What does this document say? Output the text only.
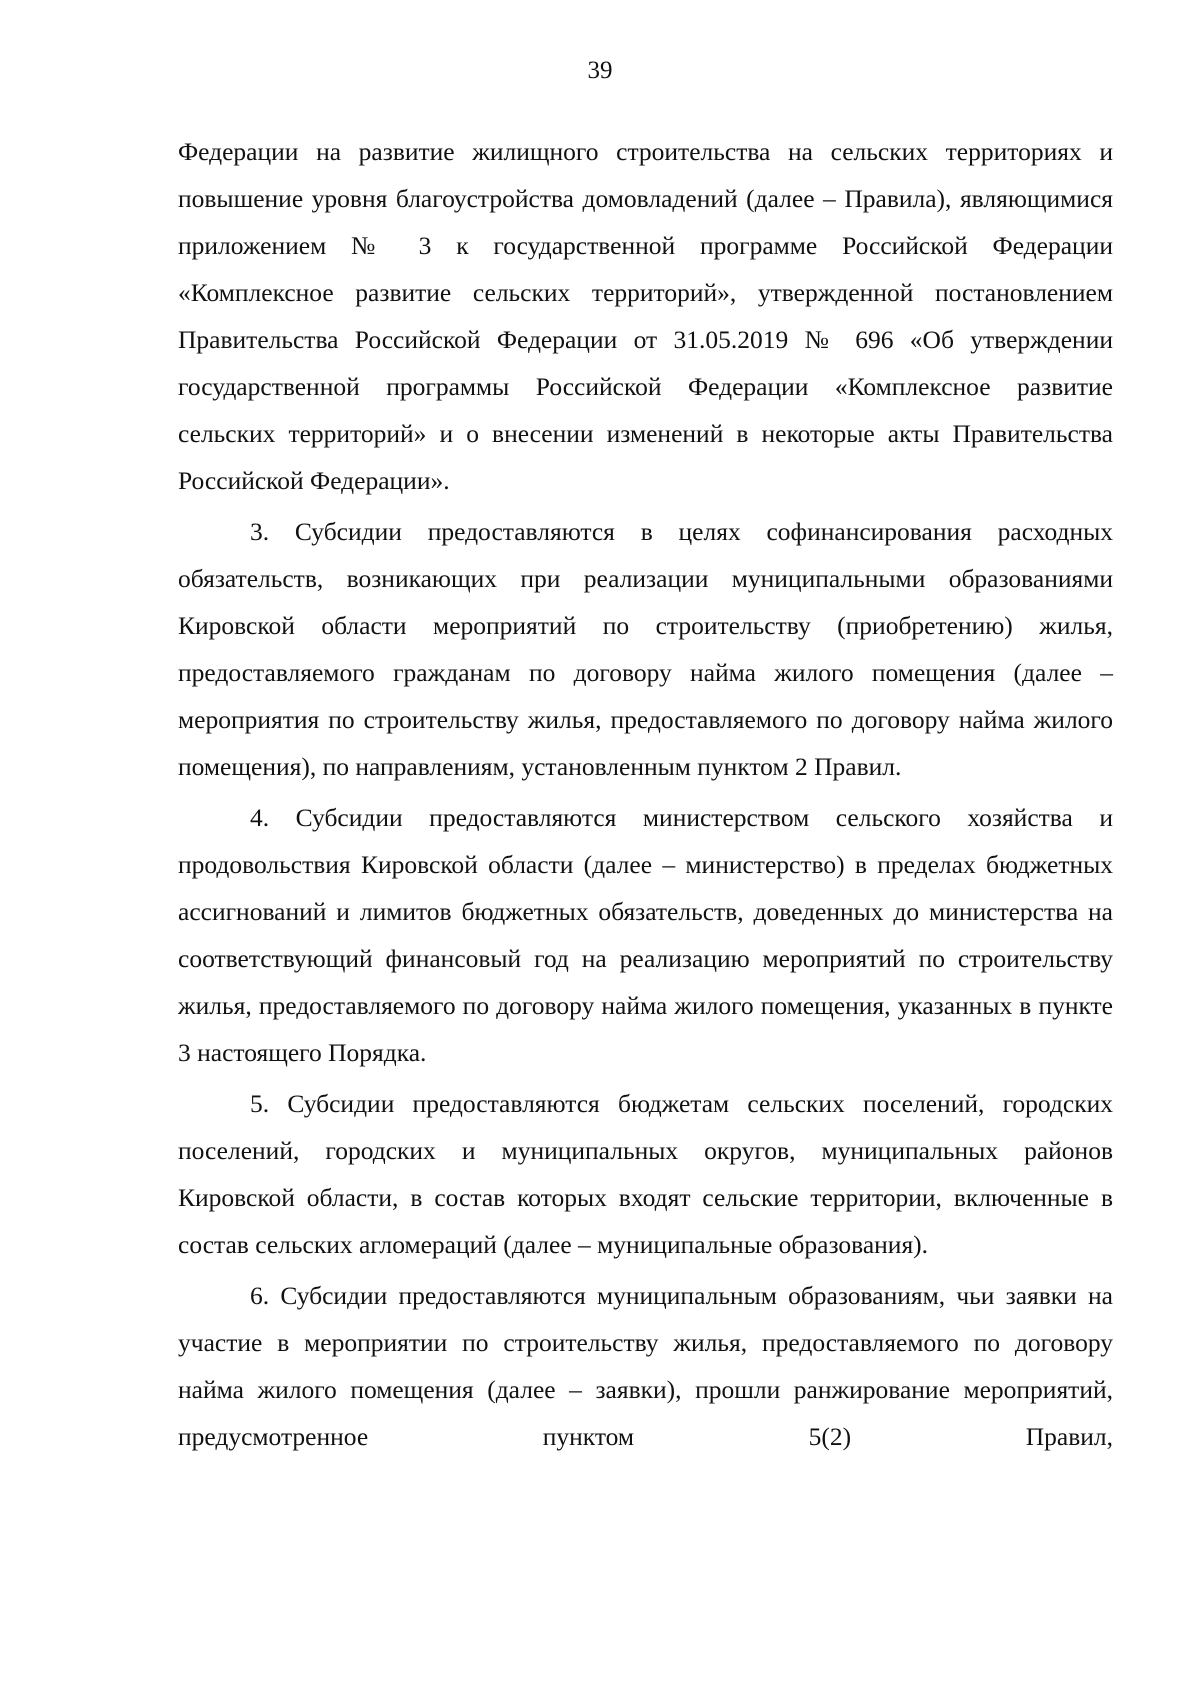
39

Федерации на развитие жилищного строительства на сельских территориях и повышение уровня благоустройства домовладений (далее – Правила), являющимися приложением № 3 к государственной программе Российской Федерации «Комплексное развитие сельских территорий», утвержденной постановлением Правительства Российской Федерации от 31.05.2019 № 696 «Об утверждении государственной программы Российской Федерации «Комплексное развитие сельских территорий» и о внесении изменений в некоторые акты Правительства Российской Федерации».

3. Субсидии предоставляются в целях софинансирования расходных обязательств, возникающих при реализации муниципальными образованиями Кировской области мероприятий по строительству (приобретению) жилья, предоставляемого гражданам по договору найма жилого помещения (далее – мероприятия по строительству жилья, предоставляемого по договору найма жилого помещения), по направлениям, установленным пунктом 2 Правил.

4. Субсидии предоставляются министерством сельского хозяйства и продовольствия Кировской области (далее – министерство) в пределах бюджетных ассигнований и лимитов бюджетных обязательств, доведенных до министерства на соответствующий финансовый год на реализацию мероприятий по строительству жилья, предоставляемого по договору найма жилого помещения, указанных в пункте 3 настоящего Порядка.

5. Субсидии предоставляются бюджетам сельских поселений, городских поселений, городских и муниципальных округов, муниципальных районов Кировской области, в состав которых входят сельские территории, включенные в состав сельских агломераций (далее – муниципальные образования).

6. Субсидии предоставляются муниципальным образованиям, чьи заявки на участие в мероприятии по строительству жилья, предоставляемого по договору найма жилого помещения (далее – заявки), прошли ранжирование мероприятий, предусмотренное пунктом 5(2) Правил,
